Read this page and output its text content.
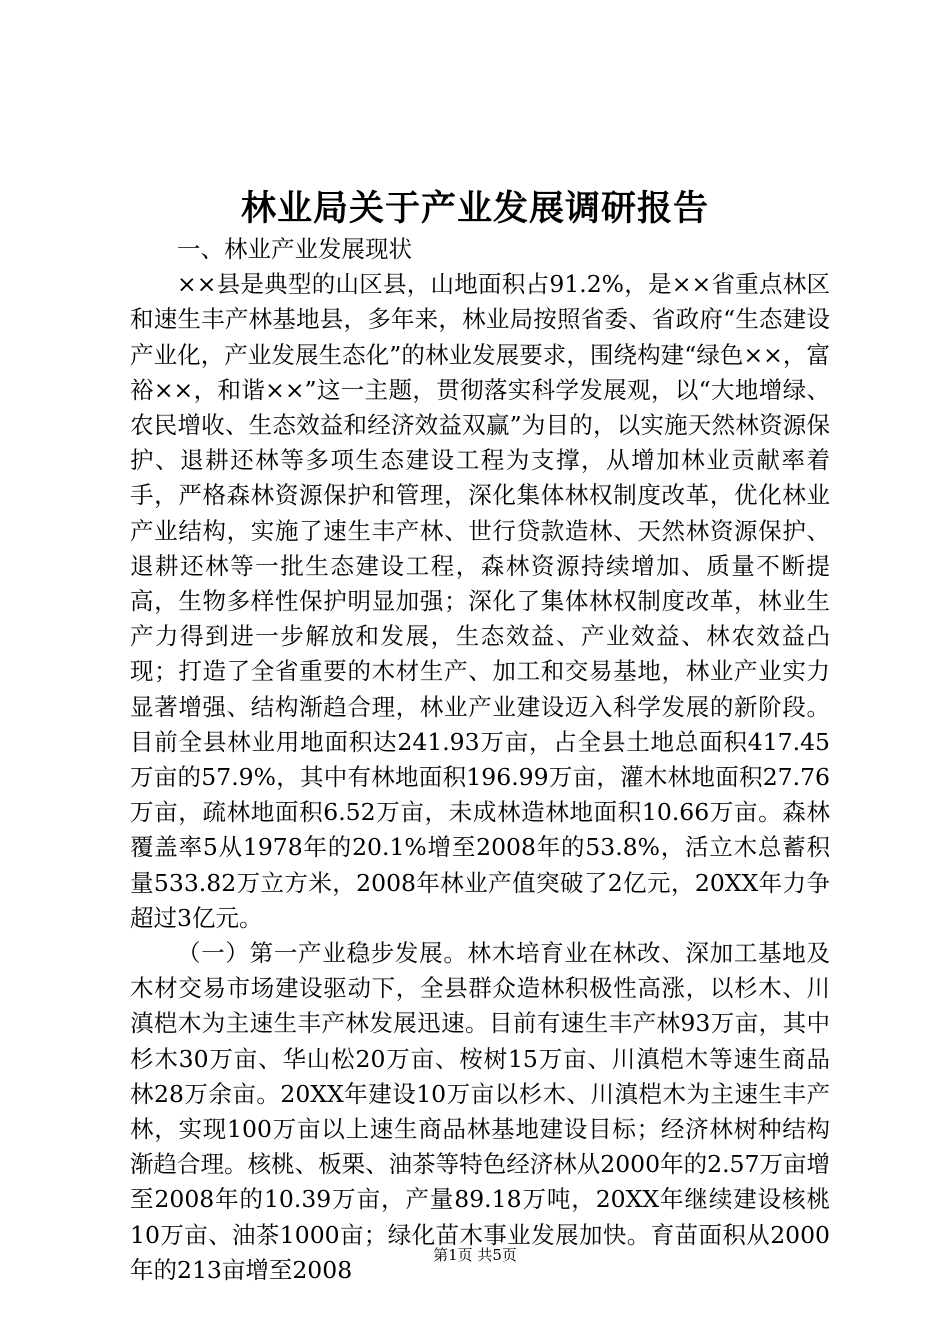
林业局关于产业发展调研报告
一、林业产业发展现状

××县是典型的山区县，山地面积占91.2%，是××省重点林区和速生丰产林基地县，多年来，林业局按照省委、省政府“生态建设产业化，产业发展生态化”的林业发展要求，围绕构建“绿色××，富裕××，和谐××”这一主题，贯彻落实科学发展观，以“大地增绿、农民增收、生态效益和经济效益双赢”为目的，以实施天然林资源保护、退耕还林等多项生态建设工程为支撑，从增加林业贡献率着手，严格森林资源保护和管理，深化集体林权制度改革，优化林业产业结构，实施了速生丰产林、世行贷款造林、天然林资源保护、退耕还林等一批生态建设工程，森林资源持续增加、质量不断提高，生物多样性保护明显加强；深化了集体林权制度改革，林业生产力得到进一步解放和发展，生态效益、产业效益、林农效益凸现；打造了全省重要的木材生产、加工和交易基地，林业产业实力显著增强、结构渐趋合理，林业产业建设迈入科学发展的新阶段。目前全县林业用地面积达241.93万亩，占全县土地总面积417.45万亩的57.9%，其中有林地面积196.99万亩，灌木林地面积27.76万亩，疏林地面积6.52万亩，未成林造林地面积10.66万亩。森林覆盖率5从1978年的20.1%增至2008年的53.8%，活立木总蓄积量533.82万立方米，2008年林业产值突破了2亿元，20XX年力争超过3亿元。

（一）第一产业稳步发展。林木培育业在林改、深加工基地及木材交易市场建设驱动下，全县群众造林积极性高涨，以杉木、川滇桤木为主速生丰产林发展迅速。目前有速生丰产林93万亩，其中杉木30万亩、华山松20万亩、桉树15万亩、川滇桤木等速生商品林28万余亩。20XX年建设10万亩以杉木、川滇桤木为主速生丰产林，实现100万亩以上速生商品林基地建设目标；经济林树种结构渐趋合理。核桃、板栗、油茶等特色经济林从2000年的2.57万亩增至2008年的10.39万亩，产量89.18万吨，20XX年继续建设核桃10万亩、油茶1000亩；绿化苗木事业发展加快。育苗面积从2000年的213亩增至2008

第1页 共5页
